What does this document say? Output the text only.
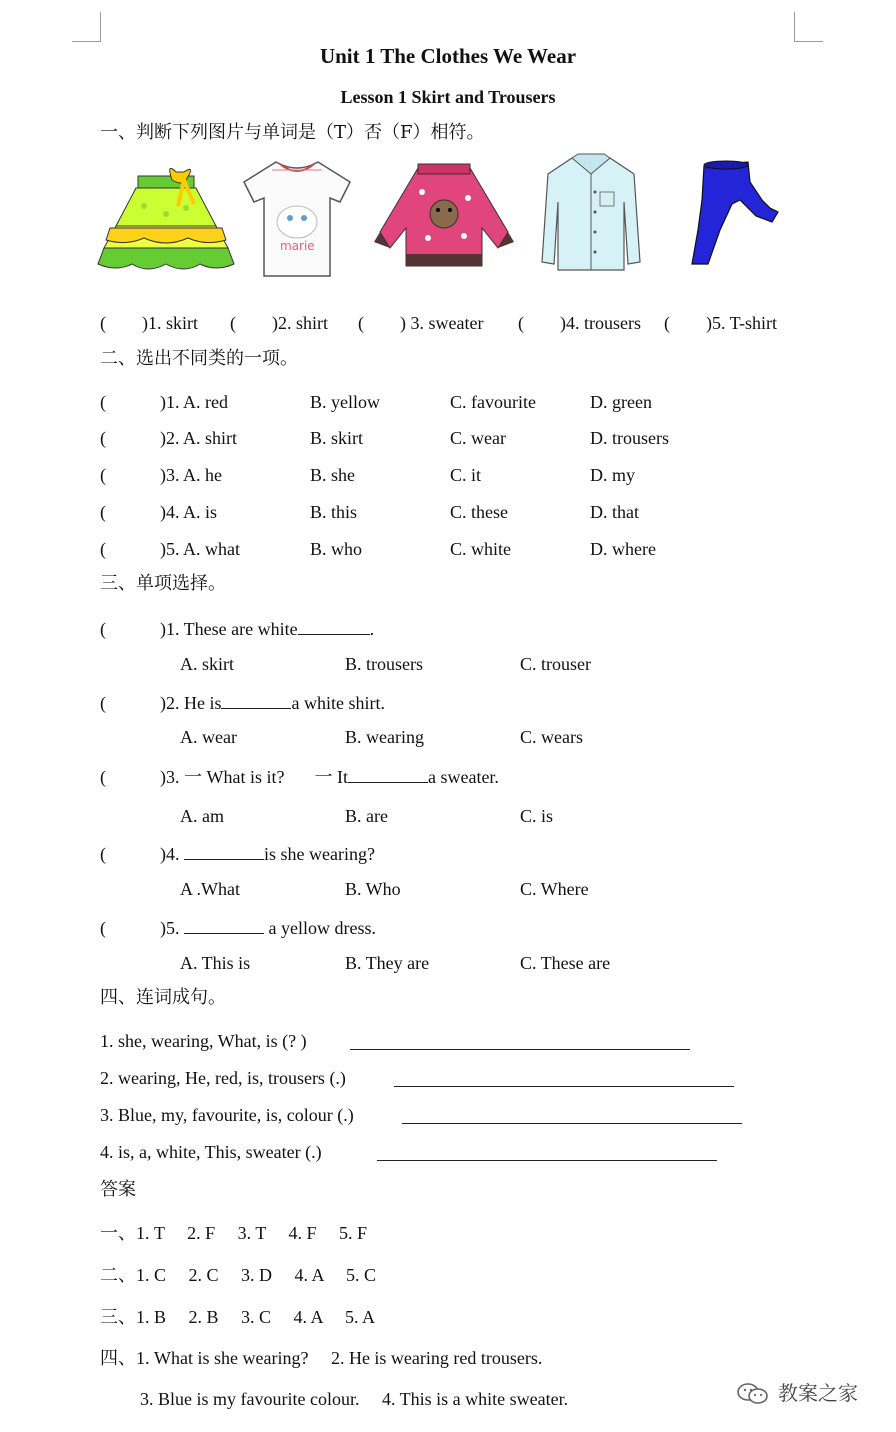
Unit 1 The Clothes We Wear
Lesson 1 Skirt and Trousers
一、判断下列图片与单词是（T）否（F）相符。
marie
(　　)1. skirt (　　)2. shirt (　　) 3. sweater (　　)4. trousers (　　)5. T-shirt
二、选出不同类的一项。
(　　　)1. A. red	B. yellow	C. favourite	D. green
(　　　)2. A. shirt	B. skirt	C. wear	D. trousers
(　　　)3. A. he	B. she	C. it	D. my
(　　　)4. A. is	B. this	C. these	D. that
(　　　)5. A. what	B. who	C. white	D. where
三、单项选择。
(　　　)1. These are white	.
A. skirt	B. trousers	C. trouser
(　　　)2. He is	a white shirt.
A. wear	B. wearing	C. wears
(　　　)3. 一 What is it? 一 It	a sweater.
A. am	B. are	C. is
(　　　)4.	is she wearing?
A .What	B. Who	C. Where
(　　　)5.	a yellow dress.
A. This is	B. They are	C. These are
四、连词成句。
1. she, wearing, What, is (? )
2. wearing, He, red, is, trousers (.)
3. Blue, my, favourite, is, colour (.)
4. is, a, white, This, sweater (.)
答案
一、1. T　 2. F　 3. T　 4. F　 5. F
二、1. C　 2. C　 3. D　 4. A　 5. C
三、1. B　 2. B　 3. C　 4. A　 5. A
四、1. What is she wearing?　 2. He is wearing red trousers.
3. Blue is my favourite colour.　 4. This is a white sweater.	教案之家
